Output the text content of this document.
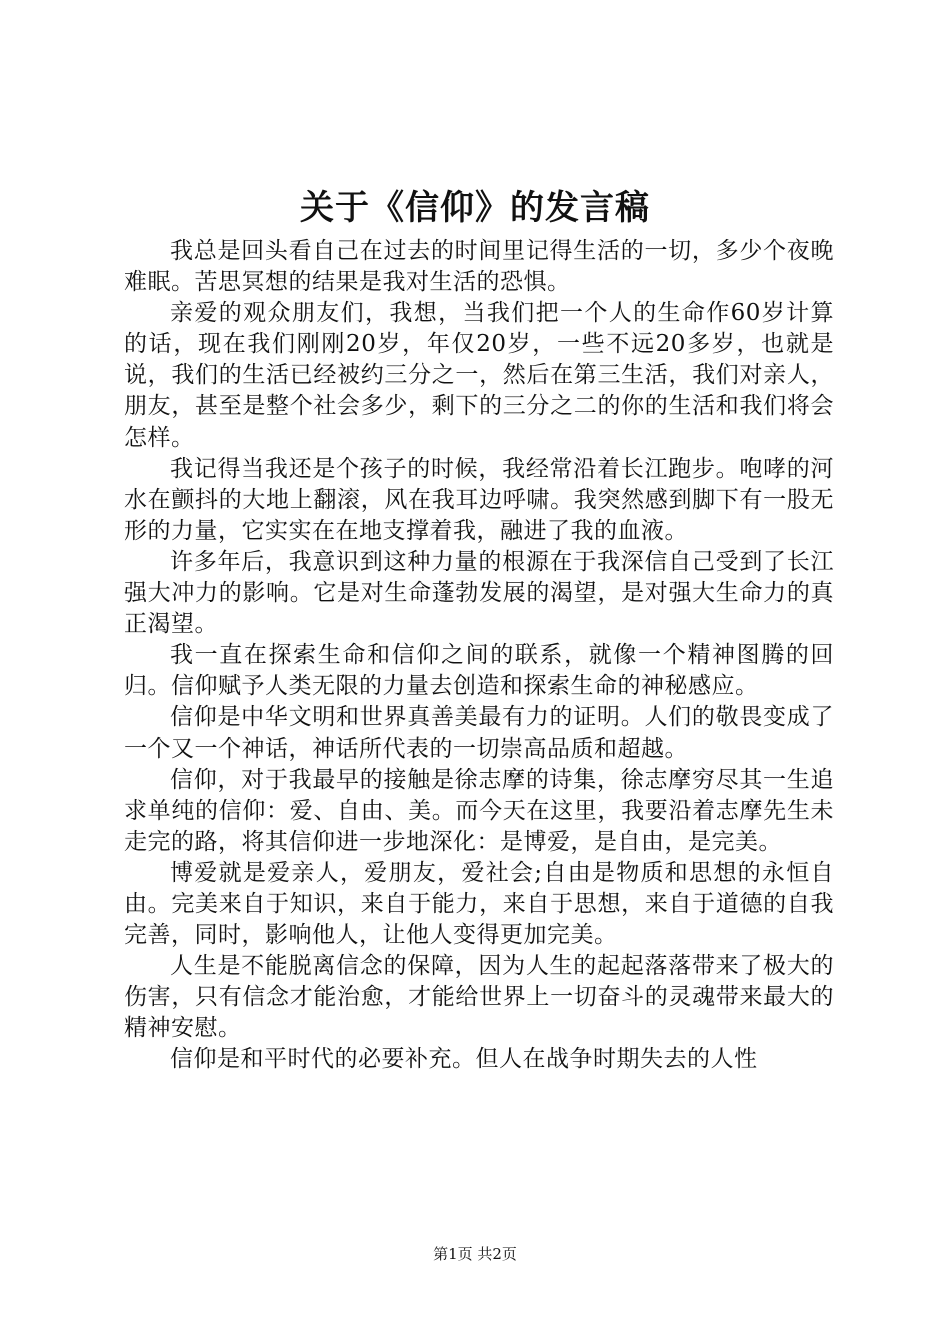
关于《信仰》的发言稿

我总是回头看自己在过去的时间里记得生活的一切，多少个夜晚难眠。苦思冥想的结果是我对生活的恐惧。

亲爱的观众朋友们，我想，当我们把一个人的生命作60岁计算的话，现在我们刚刚20岁，年仅20岁，一些不远20多岁，也就是说，我们的生活已经被约三分之一，然后在第三生活，我们对亲人，朋友，甚至是整个社会多少，剩下的三分之二的你的生活和我们将会怎样。

我记得当我还是个孩子的时候，我经常沿着长江跑步。咆哮的河水在颤抖的大地上翻滚，风在我耳边呼啸。我突然感到脚下有一股无形的力量，它实实在在地支撑着我，融进了我的血液。

许多年后，我意识到这种力量的根源在于我深信自己受到了长江强大冲力的影响。它是对生命蓬勃发展的渴望，是对强大生命力的真正渴望。

我一直在探索生命和信仰之间的联系，就像一个精神图腾的回归。信仰赋予人类无限的力量去创造和探索生命的神秘感应。

信仰是中华文明和世界真善美最有力的证明。人们的敬畏变成了一个又一个神话，神话所代表的一切崇高品质和超越。

信仰，对于我最早的接触是徐志摩的诗集，徐志摩穷尽其一生追求单纯的信仰：爱、自由、美。而今天在这里，我要沿着志摩先生未走完的路，将其信仰进一步地深化：是博爱，是自由，是完美。

博爱就是爱亲人，爱朋友，爱社会;自由是物质和思想的永恒自由。完美来自于知识，来自于能力，来自于思想，来自于道德的自我完善，同时，影响他人，让他人变得更加完美。

人生是不能脱离信念的保障，因为人生的起起落落带来了极大的伤害，只有信念才能治愈，才能给世界上一切奋斗的灵魂带来最大的精神安慰。

信仰是和平时代的必要补充。但人在战争时期失去的人性

第1页 共2页
